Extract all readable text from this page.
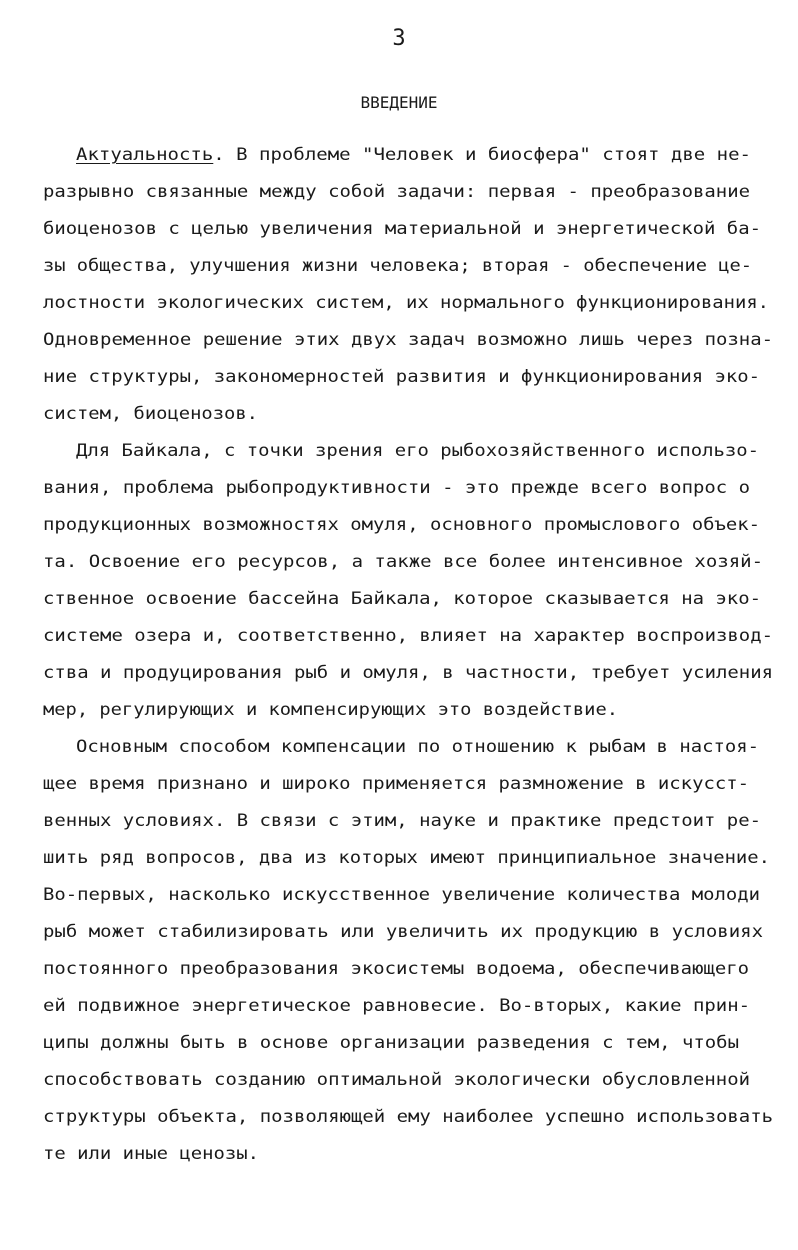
3
ВВЕДЕНИЕ
Актуальность. В проблеме "Человек и биосфера" стоят две не-
разрывно связанные между собой задачи: первая - преобразование
биоценозов с целью увеличения материальной и энергетической ба-
зы общества, улучшения жизни человека; вторая - обеспечение це-
лостности экологических систем, их нормального функционирования.
Одновременное решение этих двух задач возможно лишь через позна-
ние структуры, закономерностей развития и функционирования эко-
систем, биоценозов.
Для Байкала, с точки зрения его рыбохозяйственного использо-
вания, проблема рыбопродуктивности - это прежде всего вопрос о
продукционных возможностях омуля, основного промыслового объек-
та. Освоение его ресурсов, а также все более интенсивное хозяй-
ственное освоение бассейна Байкала, которое сказывается на эко-
системе озера и, соответственно, влияет на характер воспроизвод-
ства и продуцирования рыб и омуля, в частности, требует усиления
мер, регулирующих и компенсирующих это воздействие.
Основным способом компенсации по отношению к рыбам в настоя-
щее время признано и широко применяется размножение в искусст-
венных условиях. В связи с этим, науке и практике предстоит ре-
шить ряд вопросов, два из которых имеют принципиальное значение.
Во-первых, насколько искусственное увеличение количества молоди
рыб может стабилизировать или увеличить их продукцию в условиях
постоянного преобразования экосистемы водоема, обеспечивающего
ей подвижное энергетическое равновесие. Во-вторых, какие прин-
ципы должны быть в основе организации разведения с тем, чтобы
способствовать созданию оптимальной экологически обусловленной
структуры объекта, позволяющей ему наиболее успешно использовать
те или иные ценозы.
